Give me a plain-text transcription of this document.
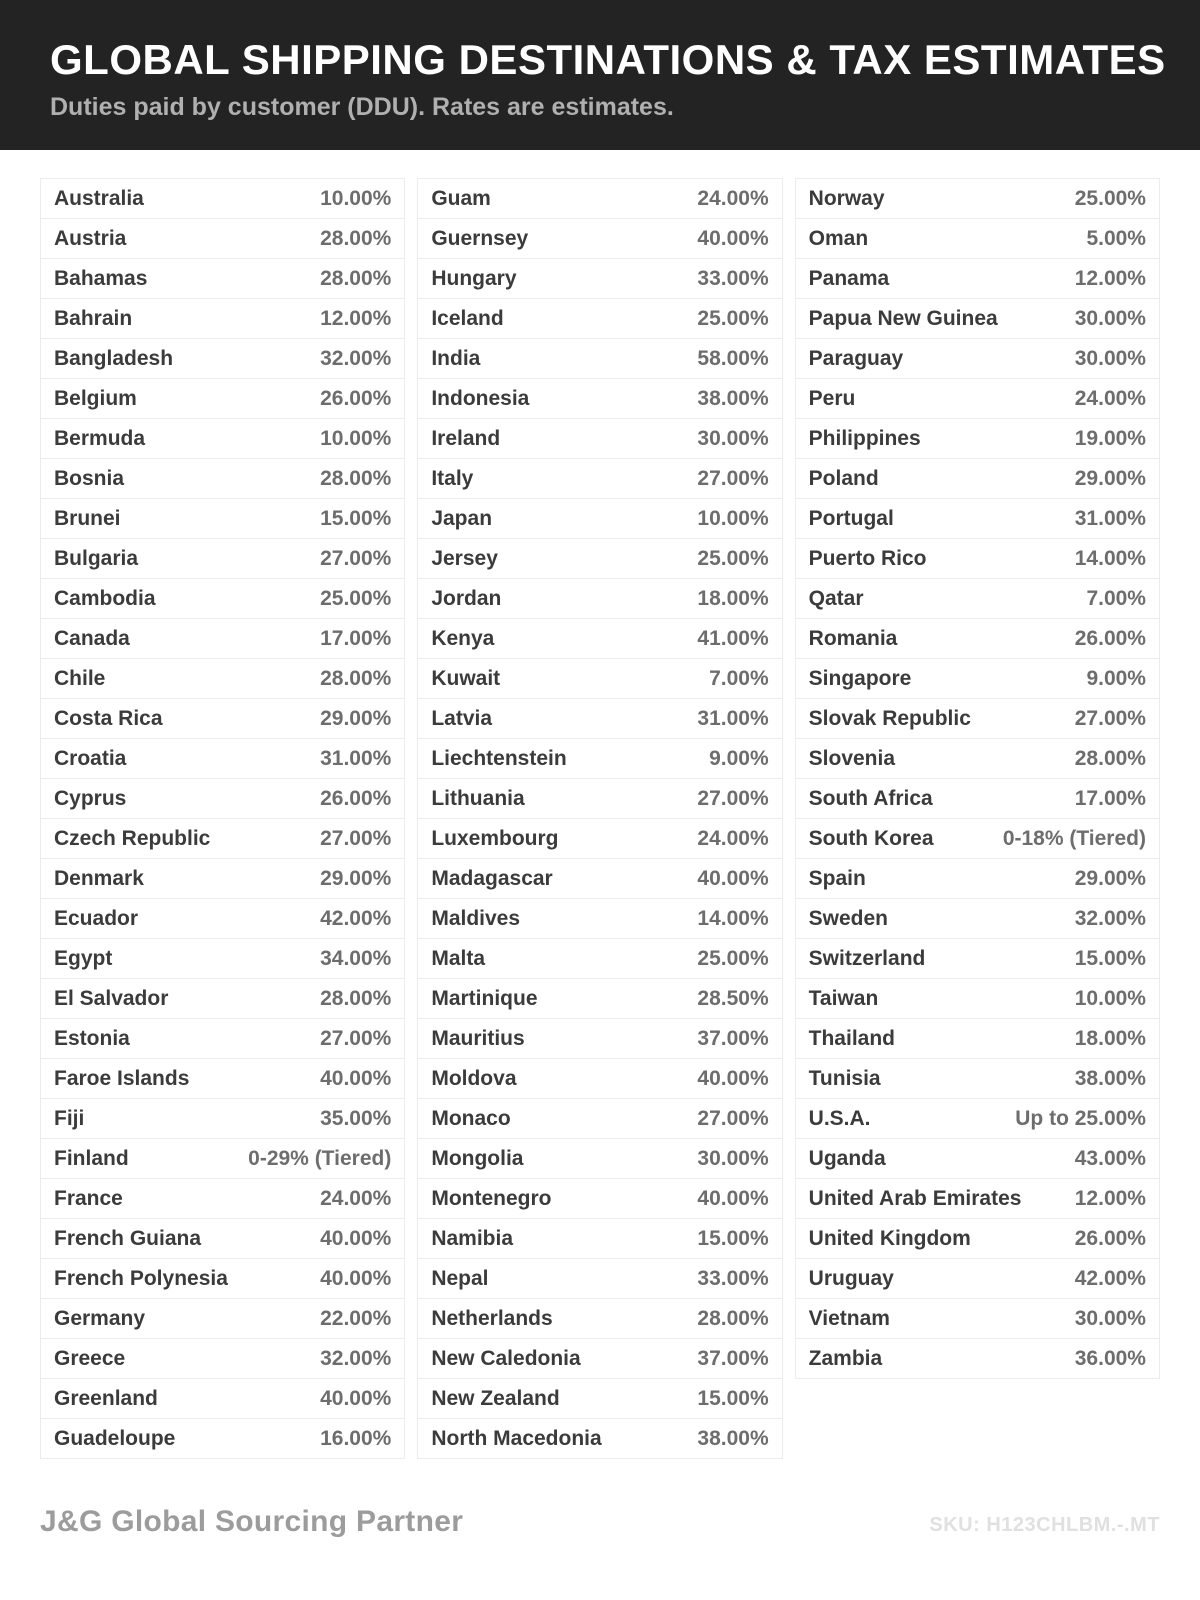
GLOBAL SHIPPING DESTINATIONS & TAX ESTIMATES

Duties paid by customer (DDU). Rates are estimates.

Australia	10.00%
Austria	28.00%
Bahamas	28.00%
Bahrain	12.00%
Bangladesh	32.00%
Belgium	26.00%
Bermuda	10.00%
Bosnia	28.00%
Brunei	15.00%
Bulgaria	27.00%
Cambodia	25.00%
Canada	17.00%
Chile	28.00%
Costa Rica	29.00%
Croatia	31.00%
Cyprus	26.00%
Czech Republic	27.00%
Denmark	29.00%
Ecuador	42.00%
Egypt	34.00%
El Salvador	28.00%
Estonia	27.00%
Faroe Islands	40.00%
Fiji	35.00%
Finland	0-29% (Tiered)
France	24.00%
French Guiana	40.00%
French Polynesia	40.00%
Germany	22.00%
Greece	32.00%
Greenland	40.00%
Guadeloupe	16.00%
Guam	24.00%
Guernsey	40.00%
Hungary	33.00%
Iceland	25.00%
India	58.00%
Indonesia	38.00%
Ireland	30.00%
Italy	27.00%
Japan	10.00%
Jersey	25.00%
Jordan	18.00%
Kenya	41.00%
Kuwait	7.00%
Latvia	31.00%
Liechtenstein	9.00%
Lithuania	27.00%
Luxembourg	24.00%
Madagascar	40.00%
Maldives	14.00%
Malta	25.00%
Martinique	28.50%
Mauritius	37.00%
Moldova	40.00%
Monaco	27.00%
Mongolia	30.00%
Montenegro	40.00%
Namibia	15.00%
Nepal	33.00%
Netherlands	28.00%
New Caledonia	37.00%
New Zealand	15.00%
North Macedonia	38.00%
Norway	25.00%
Oman	5.00%
Panama	12.00%
Papua New Guinea	30.00%
Paraguay	30.00%
Peru	24.00%
Philippines	19.00%
Poland	29.00%
Portugal	31.00%
Puerto Rico	14.00%
Qatar	7.00%
Romania	26.00%
Singapore	9.00%
Slovak Republic	27.00%
Slovenia	28.00%
South Africa	17.00%
South Korea	0-18% (Tiered)
Spain	29.00%
Sweden	32.00%
Switzerland	15.00%
Taiwan	10.00%
Thailand	18.00%
Tunisia	38.00%
U.S.A.	Up to 25.00%
Uganda	43.00%
United Arab Emirates	12.00%
United Kingdom	26.00%
Uruguay	42.00%
Vietnam	30.00%
Zambia	36.00%
J&G Global Sourcing Partner	SKU: H123CHLBM.-.MT
